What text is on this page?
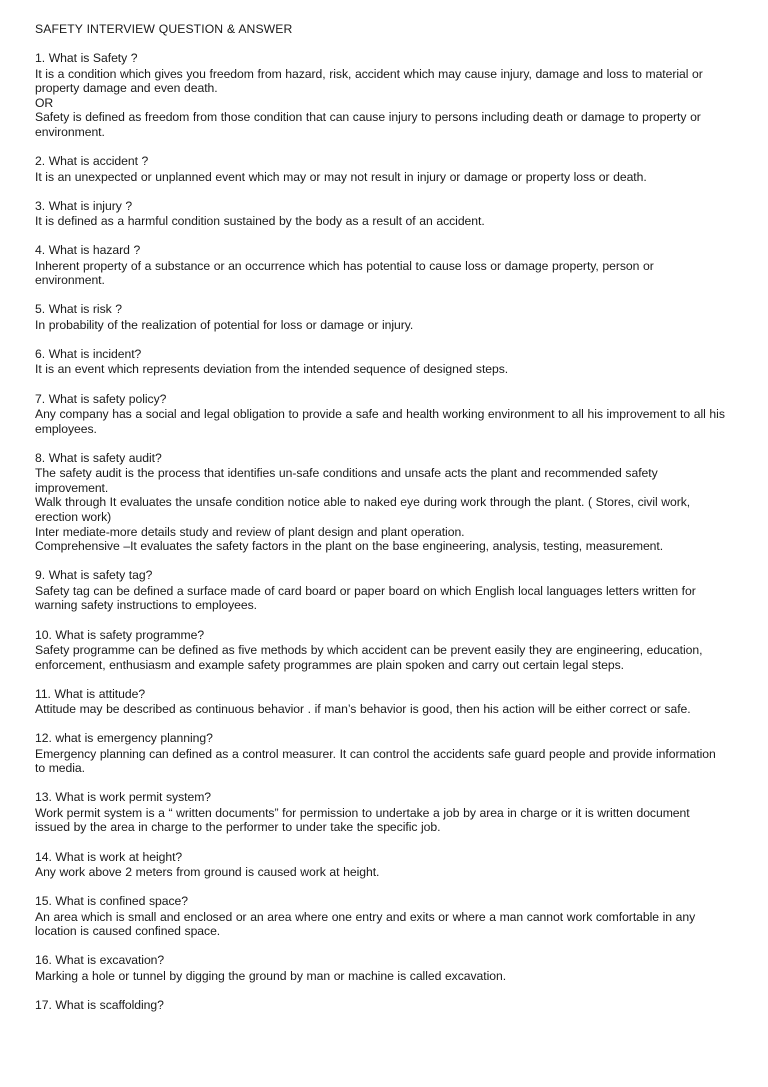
SAFETY INTERVIEW QUESTION & ANSWER
1. What is Safety ?
It is a condition which gives you freedom from hazard, risk, accident which may cause injury, damage and loss to material or property damage and even death.
OR
Safety is defined as freedom from those condition that can cause injury to persons including death or damage to property or environment.
2. What is accident ?
It is an unexpected or unplanned event which may or may not result in injury or damage or property loss or death.
3. What is injury ?
It is defined as a harmful condition sustained by the body as a result of an accident.
4. What is hazard ?
Inherent property of a substance or an occurrence which has potential to cause loss or damage property, person or environment.
5. What is risk ?
In probability of the realization of potential for loss or damage or injury.
6. What is incident?
It is an event which represents deviation from the intended sequence of designed steps.
7. What is safety policy?
Any company has a social and legal obligation to provide a safe and health working environment to all his improvement to all his employees.
8. What is safety audit?
The safety audit is the process that identifies un-safe conditions and unsafe acts the plant and recommended safety improvement.
Walk through It evaluates the unsafe condition notice able to naked eye during work through the plant. ( Stores, civil work, erection work)
Inter mediate-more details study and review of plant design and plant operation.
Comprehensive –It evaluates the safety factors in the plant on the base engineering, analysis, testing, measurement.
9. What is safety tag?
Safety tag can be defined a surface made of card board or paper board on which English local languages letters written for warning safety instructions to employees.
10. What is safety programme?
Safety programme can be defined as five methods by which accident can be prevent easily they are engineering, education, enforcement, enthusiasm and example safety programmes are plain spoken and carry out certain legal steps.
11. What is attitude?
Attitude may be described as continuous behavior . if man’s behavior is good, then his action will be either correct or safe.
12. what is emergency planning?
Emergency planning can defined as a control measurer. It can control the accidents safe guard people and provide information to media.
13. What is work permit system?
Work permit system is a “ written documents” for permission to undertake a job by area in charge or it is written document issued by the area in charge to the performer to under take the specific job.
14. What is work at height?
Any work above 2 meters from ground is caused work at height.
15. What is confined space?
An area which is small and enclosed or an area where one entry and exits or where a man cannot work comfortable in any location is caused confined space.
16. What is excavation?
Marking a hole or tunnel by digging the ground by man or machine is called excavation.
17. What is scaffolding?
